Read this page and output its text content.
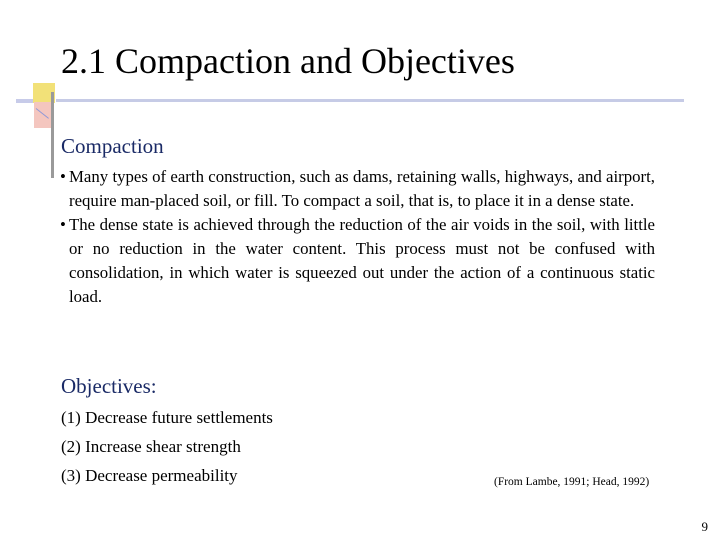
2.1 Compaction and Objectives
Compaction
• Many types of earth construction, such as dams, retaining walls, highways, and airport, require man-placed soil, or fill. To compact a soil, that is, to place it in a dense state.
• The dense state is achieved through the reduction of the air voids in the soil, with little or no reduction in the water content. This process must not be confused with consolidation, in which water is squeezed out under the action of a continuous static load.
Objectives:
(1) Decrease future settlements
(2) Increase shear strength
(3) Decrease permeability	(From Lambe, 1991; Head, 1992)
9
